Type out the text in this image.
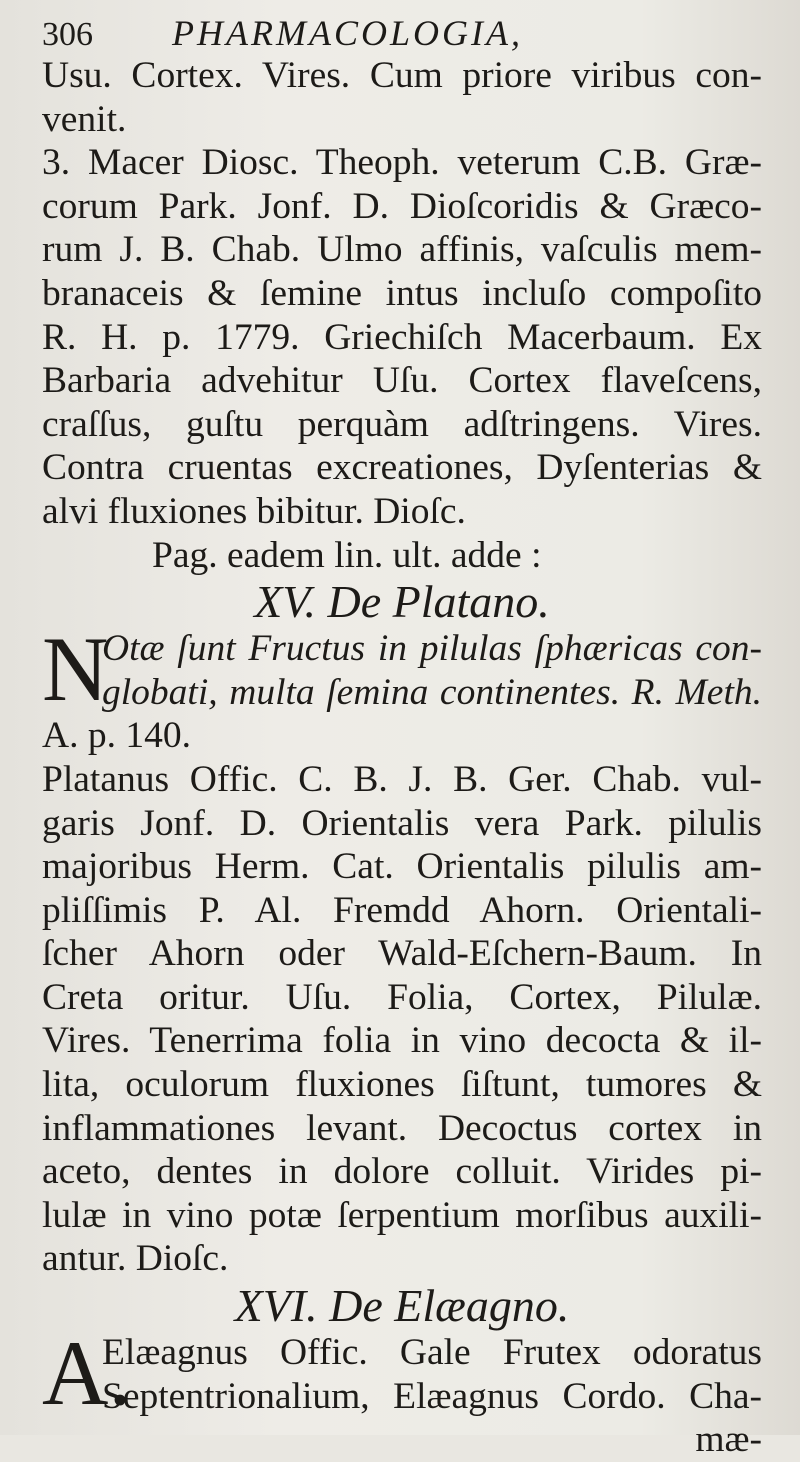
306	PHARMACOLOGIA,
Usu. Cortex. Vires. Cum priore viribus con-
venit.
3. Macer Diosc. Theoph. veterum C.B. Græ-
corum Park. Jonf. D. Dioſcoridis & Græco-
rum J. B. Chab. Ulmo affinis, vaſculis mem-
branaceis & ſemine intus incluſo compoſito
R. H. p. 1779. Griechiſch Macerbaum. Ex
Barbaria advehitur Uſu. Cortex flaveſcens,
craſſus, guſtu perquàm adſtringens. Vires.
Contra cruentas excreationes, Dyſenterias &
alvi fluxiones bibitur. Dioſc.
Pag. eadem lin. ult. adde :
XV. De Platano.
N
Otæ ſunt Fructus in pilulas ſphæricas con-
globati, multa ſemina continentes. R. Meth.
A. p. 140.
Platanus Offic. C. B. J. B. Ger. Chab. vul-
garis Jonf. D. Orientalis vera Park. pilulis
majoribus Herm. Cat. Orientalis pilulis am-
pliſſimis P. Al. Fremdd Ahorn. Orientali-
ſcher Ahorn oder Wald-Eſchern-Baum. In
Creta oritur. Uſu. Folia, Cortex, Pilulæ.
Vires. Tenerrima folia in vino decocta & il-
lita, oculorum fluxiones ſiſtunt, tumores &
inflammationes levant. Decoctus cortex in
aceto, dentes in dolore colluit. Virides pi-
lulæ in vino potæ ſerpentium morſibus auxili-
antur. Dioſc.
XVI. De Elæagno.
A.
Elæagnus Offic. Gale Frutex odoratus
Septentrionalium, Elæagnus Cordo. Cha-
mæ-
